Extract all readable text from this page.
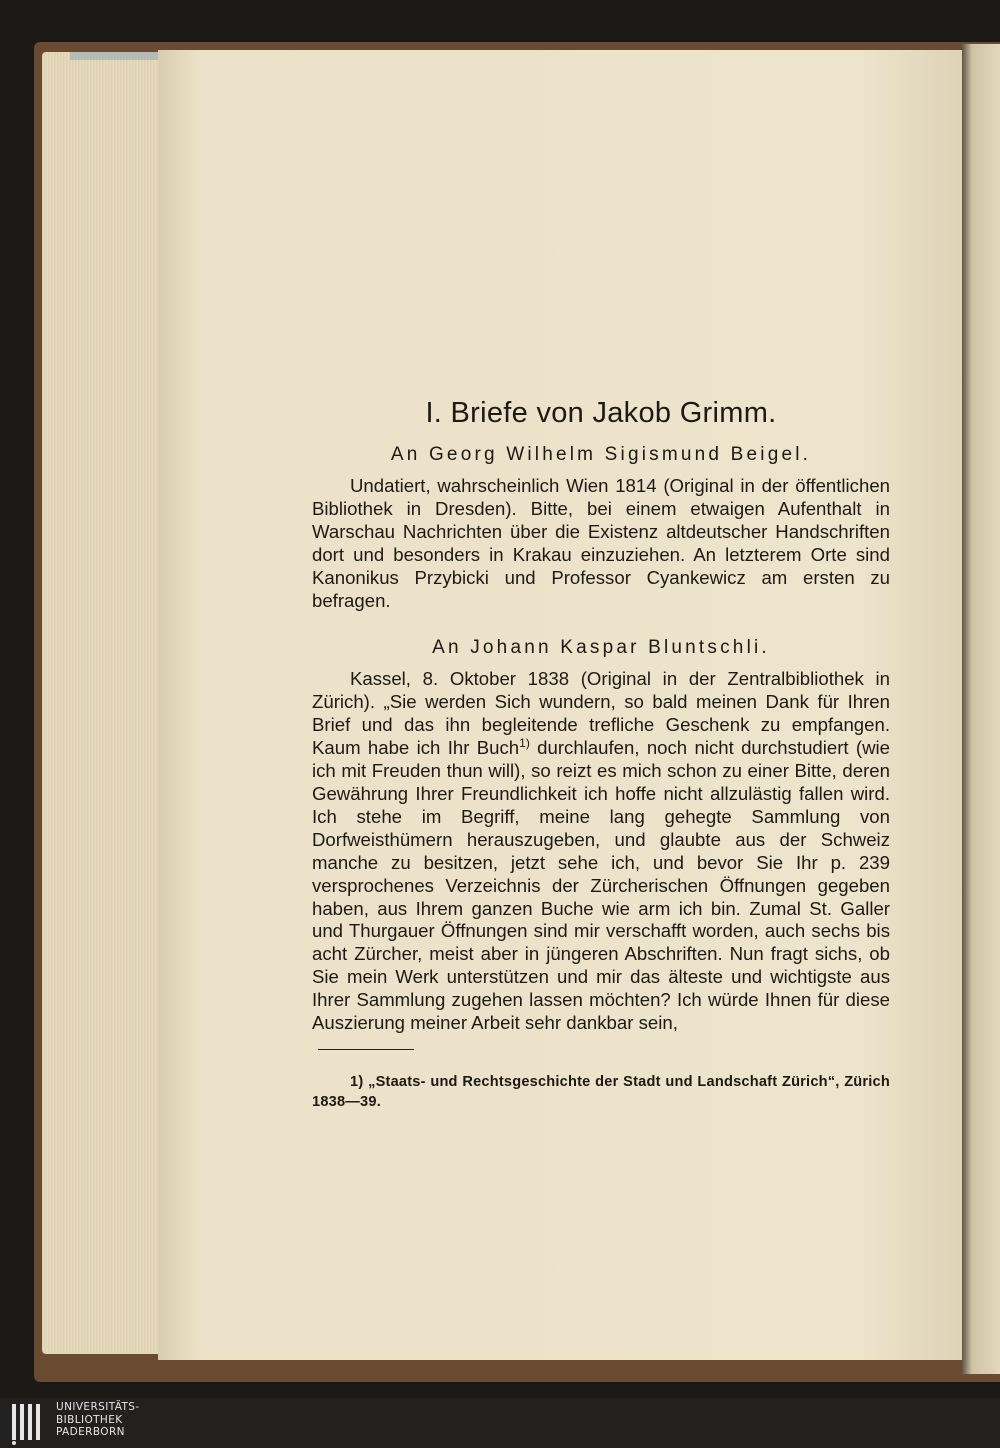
I. Briefe von Jakob Grimm.
An Georg Wilhelm Sigismund Beigel.

Undatiert, wahrscheinlich Wien 1814 (Original in der öffentlichen Bibliothek in Dresden). Bitte, bei einem etwaigen Aufenthalt in Warschau Nachrichten über die Existenz altdeutscher Handschriften dort und besonders in Krakau einzuziehen. An letzterem Orte sind Kanonikus Przybicki und Professor Cyankewicz am ersten zu befragen.

An Johann Kaspar Bluntschli.

Kassel, 8. Oktober 1838 (Original in der Zentralbibliothek in Zürich). „Sie werden Sich wundern, so bald meinen Dank für Ihren Brief und das ihn begleitende trefliche Geschenk zu empfangen. Kaum habe ich Ihr Buch$^{1)}$ durchlaufen, noch nicht durchstudiert (wie ich mit Freuden thun will), so reizt es mich schon zu einer Bitte, deren Gewährung Ihrer Freundlichkeit ich hoffe nicht allzulästig fallen wird. Ich stehe im Begriff, meine lang gehegte Sammlung von Dorfweisthümern herauszugeben, und glaubte aus der Schweiz manche zu besitzen, jetzt sehe ich, und bevor Sie Ihr p. 239 versprochenes Verzeichnis der Zürcherischen Öffnungen gegeben haben, aus Ihrem ganzen Buche wie arm ich bin. Zumal St. Galler und Thurgauer Öffnungen sind mir verschafft worden, auch sechs bis acht Zürcher, meist aber in jüngeren Abschriften. Nun fragt sichs, ob Sie mein Werk unterstützen und mir das älteste und wichtigste aus Ihrer Sammlung zugehen lassen möchten? Ich würde Ihnen für diese Auszierung meiner Arbeit sehr dankbar sein,

1) „Staats- und Rechtsgeschichte der Stadt und Landschaft Zürich“, Zürich 1838—39.

UNIVERSITÄTS-
BIBLIOTHEK
PADERBORN
